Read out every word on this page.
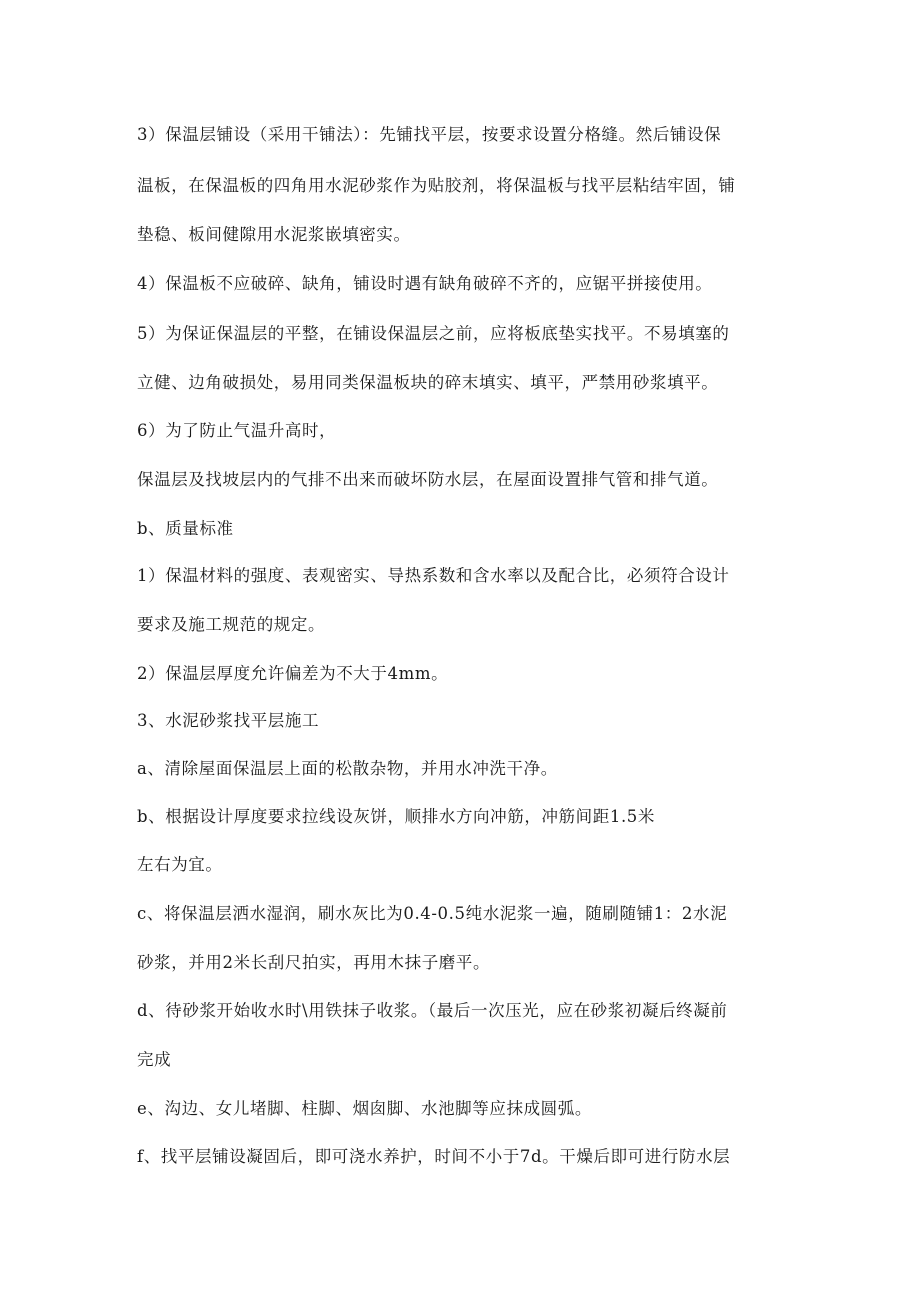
3）保温层铺设（采用干铺法）：先铺找平层，按要求设置分格缝。然后铺设保
温板，在保温板的四角用水泥砂浆作为贴胶剂，将保温板与找平层粘结牢固，铺
垫稳、板间健隙用水泥浆嵌填密实。
4）保温板不应破碎、缺角，铺设时遇有缺角破碎不齐的，应锯平拼接使用。
5）为保证保温层的平整，在铺设保温层之前，应将板底垫实找平。不易填塞的
立健、边角破损处，易用同类保温板块的碎末填实、填平，严禁用砂浆填平。
6）为了防止气温升高时，
保温层及找坡层内的气排不出来而破坏防水层，在屋面设置排气管和排气道。
b、质量标准
1）保温材料的强度、表观密实、导热系数和含水率以及配合比，必须符合设计
要求及施工规范的规定。
2）保温层厚度允许偏差为不大于4mm。
3、水泥砂浆找平层施工
a、清除屋面保温层上面的松散杂物，并用水冲洗干净。
b、根据设计厚度要求拉线设灰饼，顺排水方向冲筋，冲筋间距1.5米
左右为宜。
c、将保温层洒水湿润，刷水灰比为0.4-0.5纯水泥浆一遍，随刷随铺1：2水泥
砂浆，并用2米长刮尺拍实，再用木抹子磨平。
d、待砂浆开始收水时\用铁抹子收浆。（最后一次压光，应在砂浆初凝后终凝前
完成
e、沟边、女儿堵脚、柱脚、烟囱脚、水池脚等应抹成圆弧。
f、找平层铺设凝固后，即可浇水养护，时间不小于7d。干燥后即可进行防水层
